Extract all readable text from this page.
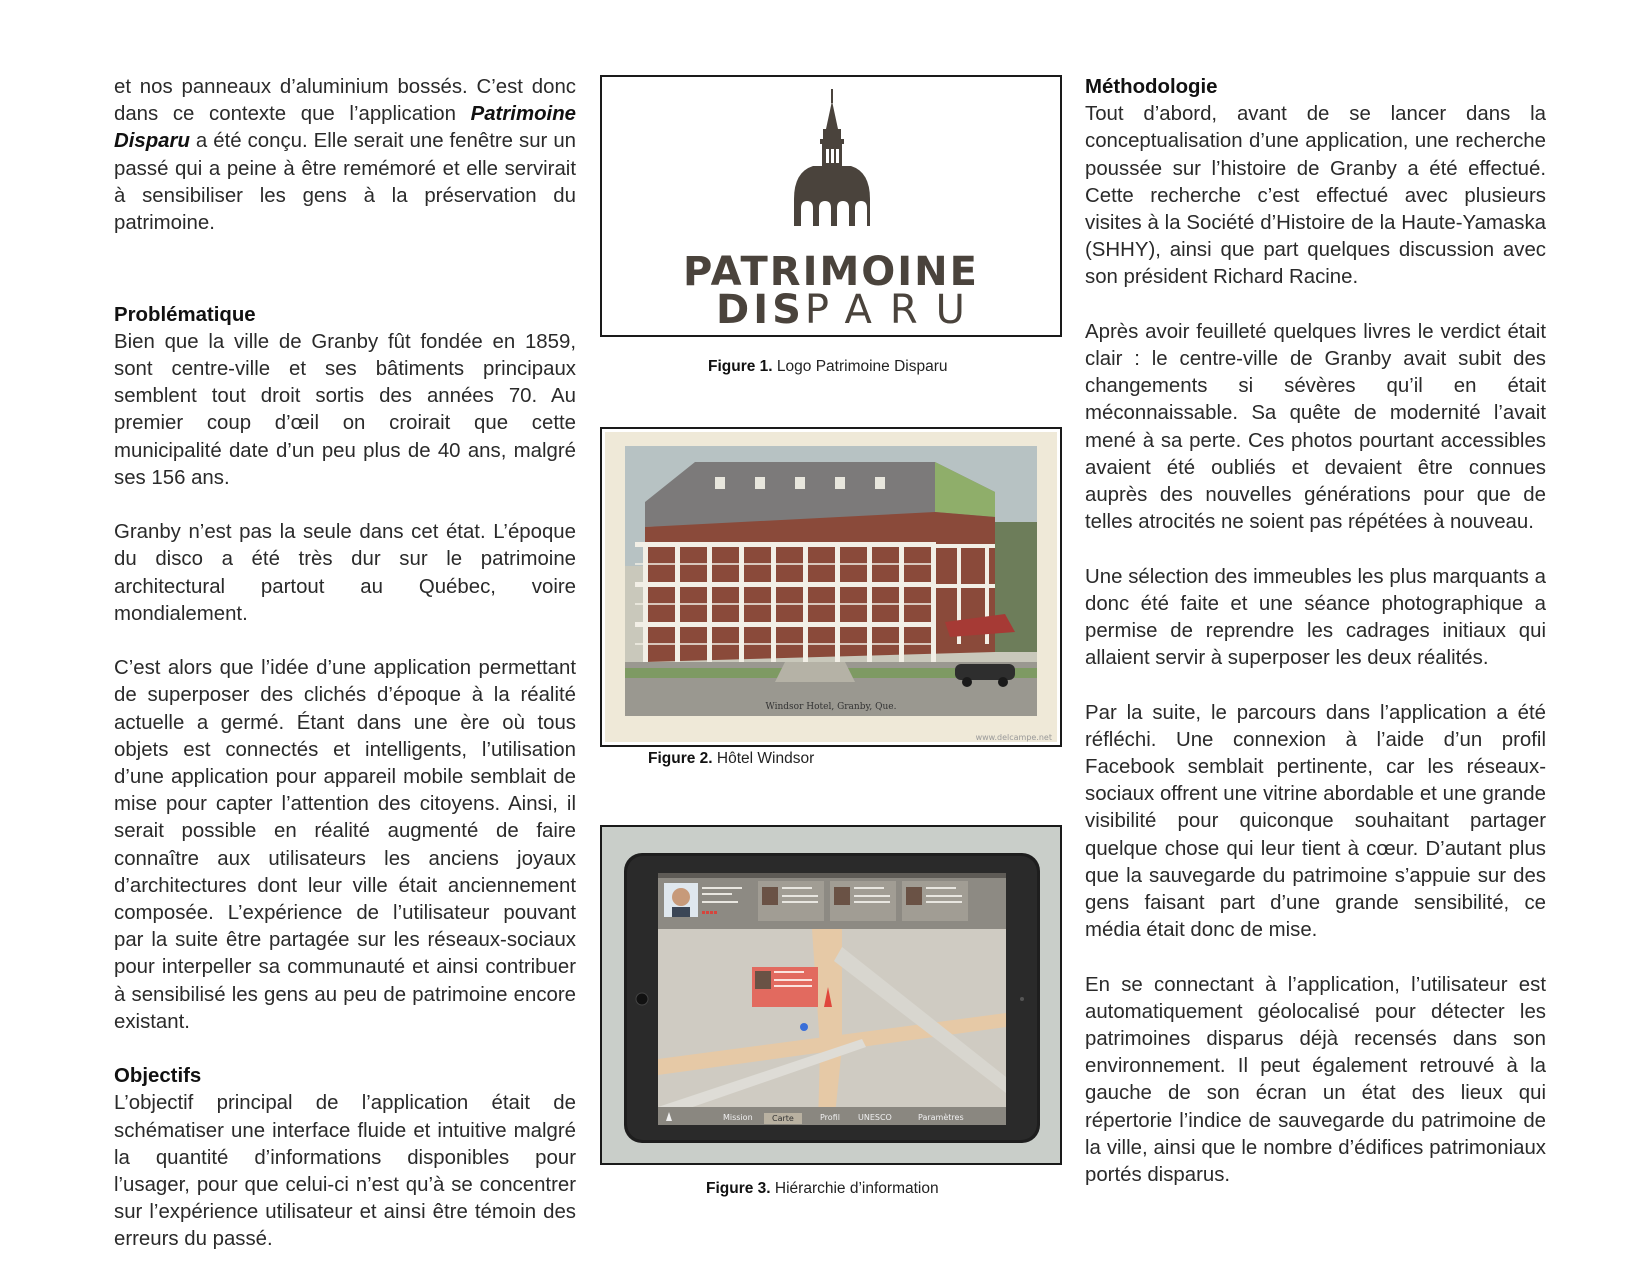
et nos panneaux d’aluminium bossés. C’est donc dans ce contexte que l’application Patrimoine Disparu a été conçu. Elle serait une fenêtre sur un passé qui a peine à être remémoré et elle servirait à sensibiliser les gens à la préservation du patrimoine.

Problématique

Bien que la ville de Granby fût fondée en 1859, sont centre-ville et ses bâtiments principaux semblent tout droit sortis des années 70. Au premier coup d’œil on croirait que cette municipalité date d’un peu plus de 40 ans, malgré ses 156 ans.

Granby n’est pas la seule dans cet état. L’époque du disco a été très dur sur le patrimoine architectural partout au Québec, voire mondialement.

C’est alors que l’idée d’une application permettant de superposer des clichés d’époque à la réalité actuelle a germé. Étant dans une ère où tous objets est connectés et intelligents, l’utilisation d’une application pour appareil mobile semblait de mise pour capter l’attention des citoyens. Ainsi, il serait possible en réalité augmenté de faire connaître aux utilisateurs les anciens joyaux d’architectures dont leur ville était anciennement composée. L’expérience de l’utilisateur pouvant par la suite être partagée sur les réseaux-sociaux pour interpeller sa communauté et ainsi contribuer à sensibilisé les gens au peu de patrimoine encore existant.

Objectifs

L’objectif principal de l’application était de schématiser une interface fluide et intuitive malgré la quantité d’informations disponibles pour l’usager, pour que celui-ci n’est qu’à se concentrer sur l’expérience utilisateur et ainsi être témoin des erreurs du passé.

PATRIMOINE
DISPARU
Figure 1. Logo Patrimoine Disparu
Windsor Hotel, Granby, Que.
www.delcampe.net
Figure 2. Hôtel Windsor
Mission	Carte	Profil UNESCO	Paramètres
Figure 3. Hiérarchie d’information
Méthodologie

Tout d’abord, avant de se lancer dans la conceptualisation d’une application, une recherche poussée sur l’histoire de Granby a été effectué. Cette recherche c’est effectué avec plusieurs visites à la Société d’Histoire de la Haute-Yamaska (SHHY), ainsi que part quelques discussion avec son président Richard Racine.

Après avoir feuilleté quelques livres le verdict était clair : le centre-ville de Granby avait subit des changements si sévères qu’il en était méconnaissable. Sa quête de modernité l’avait mené à sa perte. Ces photos pourtant accessibles avaient été oubliés et devaient être connues auprès des nouvelles générations pour que de telles atrocités ne soient pas répétées à nouveau.

Une sélection des immeubles les plus marquants a donc été faite et une séance photographique a permise de reprendre les cadrages initiaux qui allaient servir à superposer les deux réalités.

Par la suite, le parcours dans l’application a été réfléchi. Une connexion à l’aide d’un profil Facebook semblait pertinente, car les réseaux-sociaux offrent une vitrine abordable et une grande visibilité pour quiconque souhaitant partager quelque chose qui leur tient à cœur. D’autant plus que la sauvegarde du patrimoine s’appuie sur des gens faisant part d’une grande sensibilité, ce média était donc de mise.

En se connectant à l’application, l’utilisateur est automatiquement géolocalisé pour détecter les patrimoines disparus déjà recensés dans son environnement. Il peut également retrouvé à la gauche de son écran un état des lieux qui répertorie l’indice de sauvegarde du patrimoine de la ville, ainsi que le nombre d’édifices patrimoniaux portés disparus.
